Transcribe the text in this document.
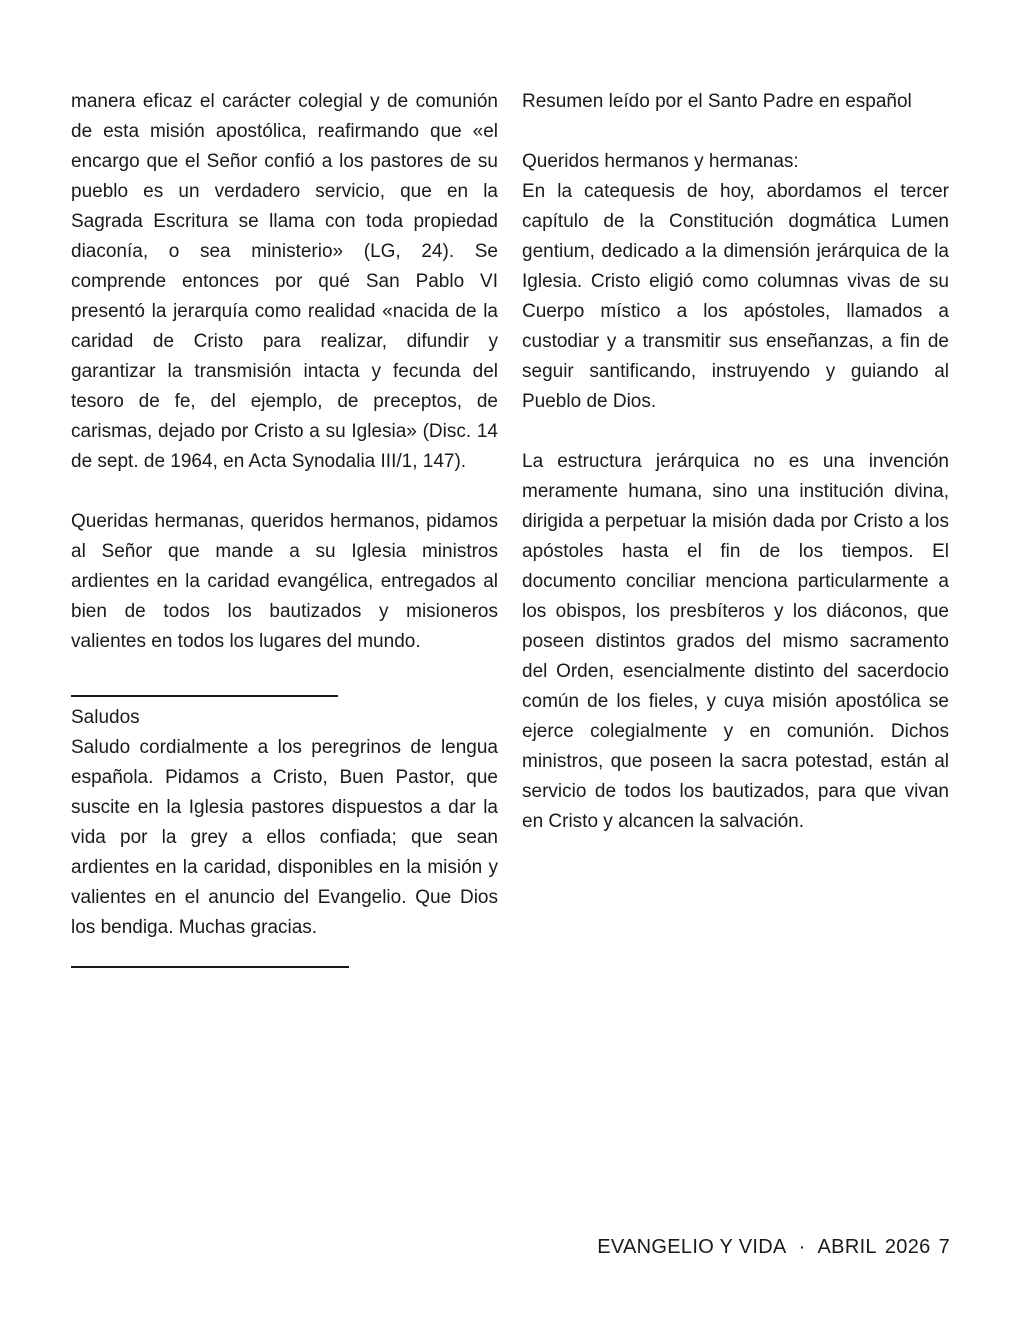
manera eficaz el carácter colegial y de comunión de esta misión apostólica, reafirmando que «el encargo que el Señor confió a los pastores de su pueblo es un verdadero servicio, que en la Sagrada Escritura se llama con toda propiedad diaconía, o sea ministerio» (LG, 24). Se comprende entonces por qué San Pablo VI presentó la jerarquía como realidad «nacida de la caridad de Cristo para realizar, difundir y garantizar la transmisión intacta y fecunda del tesoro de fe, del ejemplo, de preceptos, de carismas, dejado por Cristo a su Iglesia» (Disc. 14 de sept. de 1964, en Acta Synodalia III/1, 147).

Queridas hermanas, queridos hermanos, pidamos al Señor que mande a su Iglesia ministros ardientes en la caridad evangélica, entregados al bien de todos los bautizados y misioneros valientes en todos los lugares del mundo.

Saludos

Saludo cordialmente a los peregrinos de lengua española. Pidamos a Cristo, Buen Pastor, que suscite en la Iglesia pastores dispuestos a dar la vida por la grey a ellos confiada; que sean ardientes en la caridad, disponibles en la misión y valientes en el anuncio del Evangelio. Que Dios los bendiga. Muchas gracias.

Resumen leído por el Santo Padre en español

Queridos hermanos y hermanas:

En la catequesis de hoy, abordamos el tercer capítulo de la Constitución dogmática Lumen gentium, dedicado a la dimensión jerárquica de la Iglesia. Cristo eligió como columnas vivas de su Cuerpo místico a los apóstoles, llamados a custodiar y a transmitir sus enseñanzas, a fin de seguir santificando, instruyendo y guiando al Pueblo de Dios.

La estructura jerárquica no es una invención meramente humana, sino una institución divina, dirigida a perpetuar la misión dada por Cristo a los apóstoles hasta el fin de los tiempos. El documento conciliar menciona particularmente a los obispos, los presbíteros y los diáconos, que poseen distintos grados del mismo sacramento del Orden, esencialmente distinto del sacerdocio común de los fieles, y cuya misión apostólica se ejerce colegialmente y en comunión. Dichos ministros, que poseen la sacra potestad, están al servicio de todos los bautizados, para que vivan en Cristo y alcancen la salvación.

EVANGELIO Y VIDA · ABRIL 2026 7
